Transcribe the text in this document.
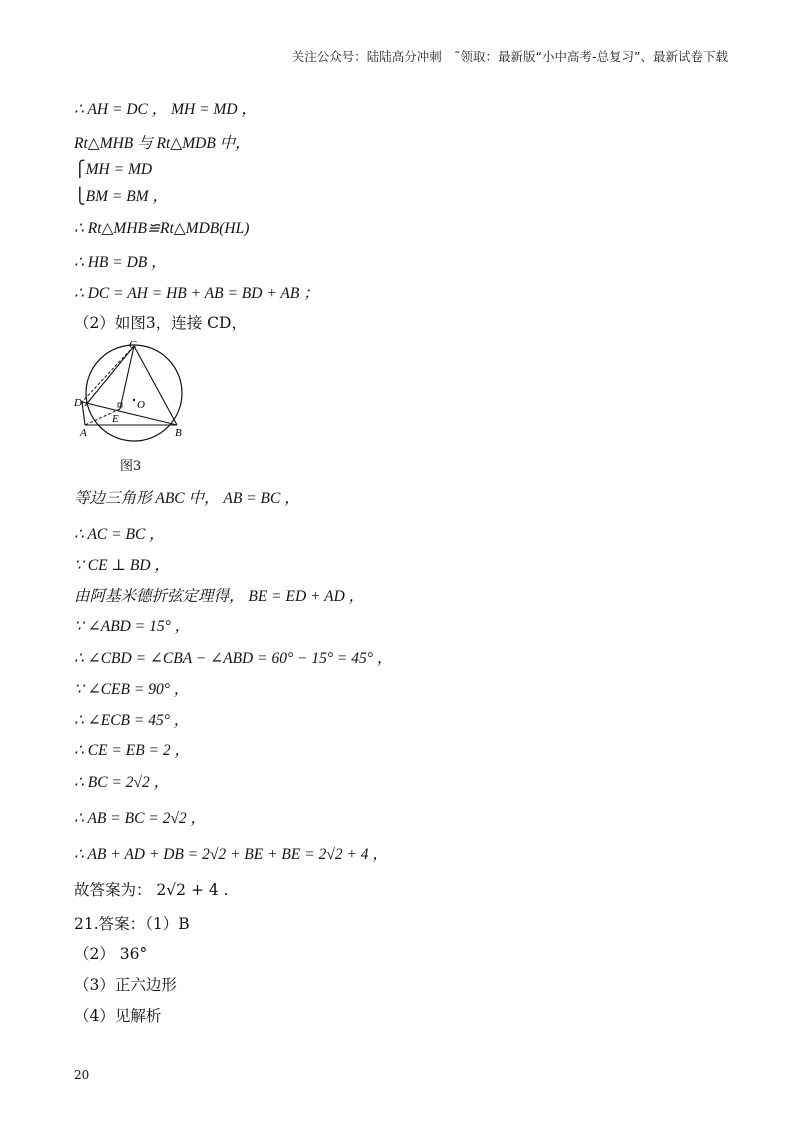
关注公众号：陆陆高分冲刺　˜领取：最新版“小中高考-总复习”、最新试卷下载
∴ AH = DC ， MH = MD ，
Rt△MHB 与 Rt△MDB 中，
⎧MH = MD
⎩BM = BM ，
∴ Rt△MHB≌Rt△MDB(HL)
∴ HB = DB ，
∴ DC = AH = HB + AB = BD + AB ；
（2）如图3，连接 CD，
C
D	O
E
A	B
图3
等边三角形 ABC 中， AB = BC ，
∴ AC = BC ，
∵ CE ⊥ BD ，
由阿基米德折弦定理得， BE = ED + AD ，
∵ ∠ABD = 15° ，
∴ ∠CBD = ∠CBA − ∠ABD = 60° − 15° = 45° ，
∵ ∠CEB = 90° ，
∴ ∠ECB = 45° ，
∴ CE = EB = 2 ，
∴ BC = 2√2 ，
∴ AB = BC = 2√2 ，
∴ AB + AD + DB = 2√2 + BE + BE = 2√2 + 4 ，
故答案为： 2√2 + 4 .
21.答案：（1）B
（2） 36°
（3）正六边形
（4）见解析
20
